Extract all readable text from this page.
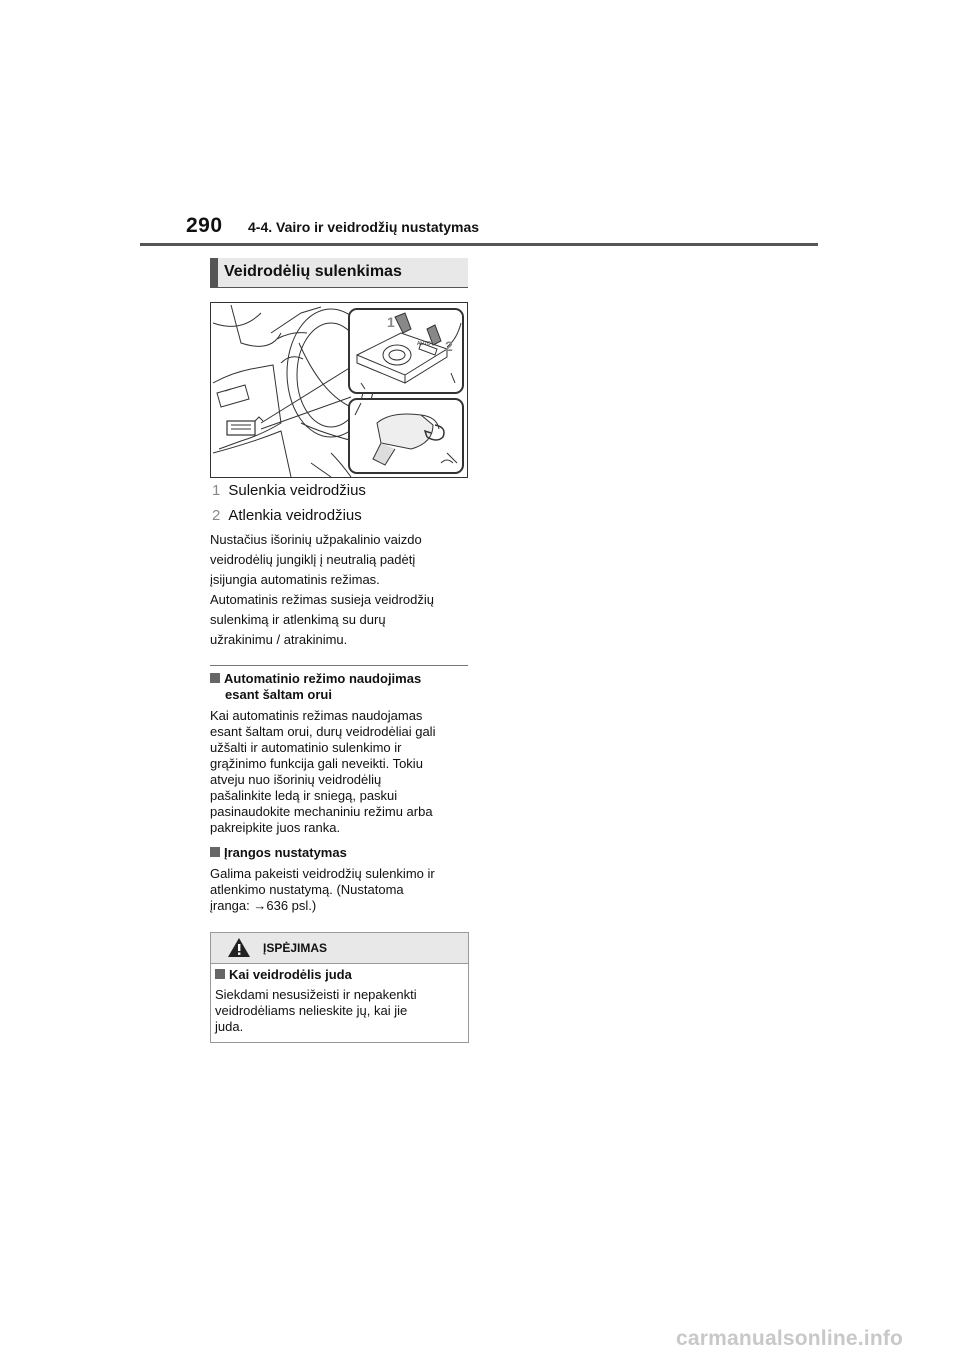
290 4-4. Vairo ir veidrodžių nustatymas
Veidrodėlių sulenkimas
1
2
AUTO
1 Sulenkia veidrodžius
2 Atlenkia veidrodžius
Nustačius išorinių užpakalinio vaizdo
veidrodėlių jungiklį į neutralią padėtį
įsijungia automatinis režimas.
Automatinis režimas susieja veidrodžių
sulenkimą ir atlenkimą su durų
užrakinimu / atrakinimu.
Automatinio režimo naudojimas
esant šaltam orui
Kai automatinis režimas naudojamas
esant šaltam orui, durų veidrodėliai gali
užšalti ir automatinio sulenkimo ir
grąžinimo funkcija gali neveikti. Tokiu
atveju nuo išorinių veidrodėlių
pašalinkite ledą ir sniegą, paskui
pasinaudokite mechaniniu režimu arba
pakreipkite juos ranka.
Įrangos nustatymas
Galima pakeisti veidrodžių sulenkimo ir
atlenkimo nustatymą. (Nustatoma
įranga: →636 psl.)
ĮSPĖJIMAS
Kai veidrodėlis juda
Siekdami nesusižeisti ir nepakenkti
veidrodėliams nelieskite jų, kai jie
juda.
carmanualsonline.info
